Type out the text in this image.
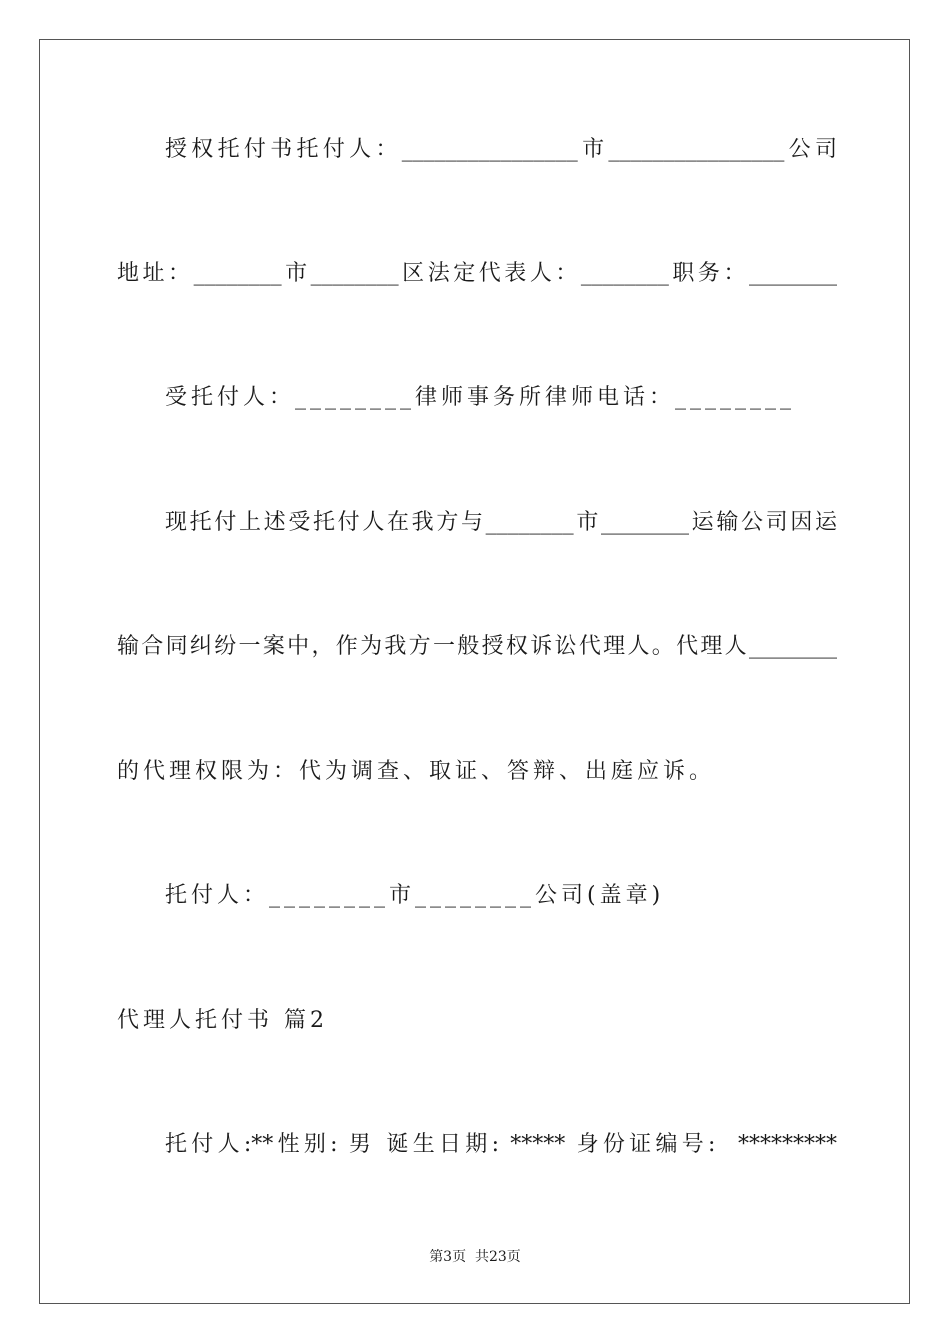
授权托付书托付人：________________市________________公司
地址：________市________区法定代表人：________职务：________
受托付人：________律师事务所律师电话：________
现托付上述受托付人在我方与________市________运输公司因运
输合同纠纷一案中，作为我方一般授权诉讼代理人。代理人________
的代理权限为：代为调查、取证、答辩、出庭应诉。
托付人：________市________公司(盖章)
代理人托付书 篇2
托付人:**性别: 男 诞生日期: ***** 身份证编号:  *********
第3页  共23页
